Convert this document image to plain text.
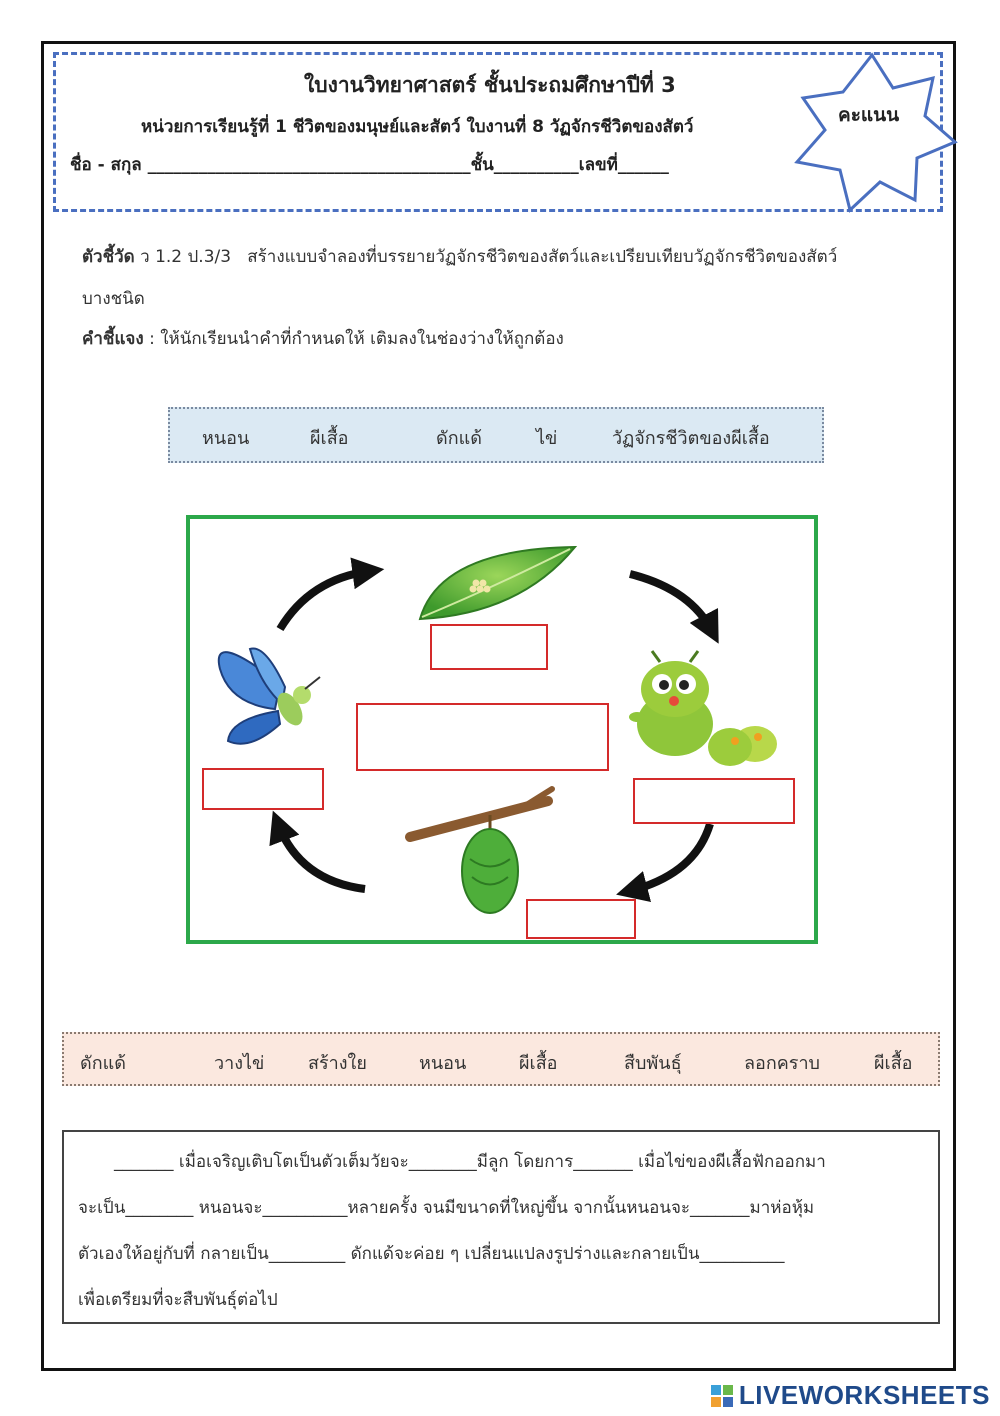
ใบงานวิทยาศาสตร์ ชั้นประถมศึกษาปีที่ 3
หน่วยการเรียนรู้ที่ 1 ชีวิตของมนุษย์และสัตว์ ใบงานที่ 8 วัฏจักรชีวิตของสัตว์
ชื่อ - สกุล ______________________________________ชั้น__________เลขที่______
คะแนน
ตัวชี้วัด ว 1.2 ป.3/3 สร้างแบบจำลองที่บรรยายวัฏจักรชีวิตของสัตว์และเปรียบเทียบวัฏจักรชีวิตของสัตว์
บางชนิด
คำชี้แจง : ให้นักเรียนนำคำที่กำหนดให้ เติมลงในช่องว่างให้ถูกต้อง
หนอน	ผีเสื้อ	ดักแด้	ไข่	วัฏจักรชีวิตของผีเสื้อ
ดักแด้	วางไข่ สร้างใย	หนอน	ผีเสื้อ	สืบพันธุ์	ลอกคราบ	ผีเสื้อ
_______ เมื่อเจริญเติบโตเป็นตัวเต็มวัยจะ________มีลูก โดยการ_______ เมื่อไข่ของผีเสื้อฟักออกมา
จะเป็น________ หนอนจะ__________หลายครั้ง จนมีขนาดที่ใหญ่ขึ้น จากนั้นหนอนจะ_______มาห่อหุ้ม
ตัวเองให้อยู่กับที่ กลายเป็น_________ ดักแด้จะค่อย ๆ เปลี่ยนแปลงรูปร่างและกลายเป็น__________
เพื่อเตรียมที่จะสืบพันธุ์ต่อไป
LIVEWORKSHEETS
